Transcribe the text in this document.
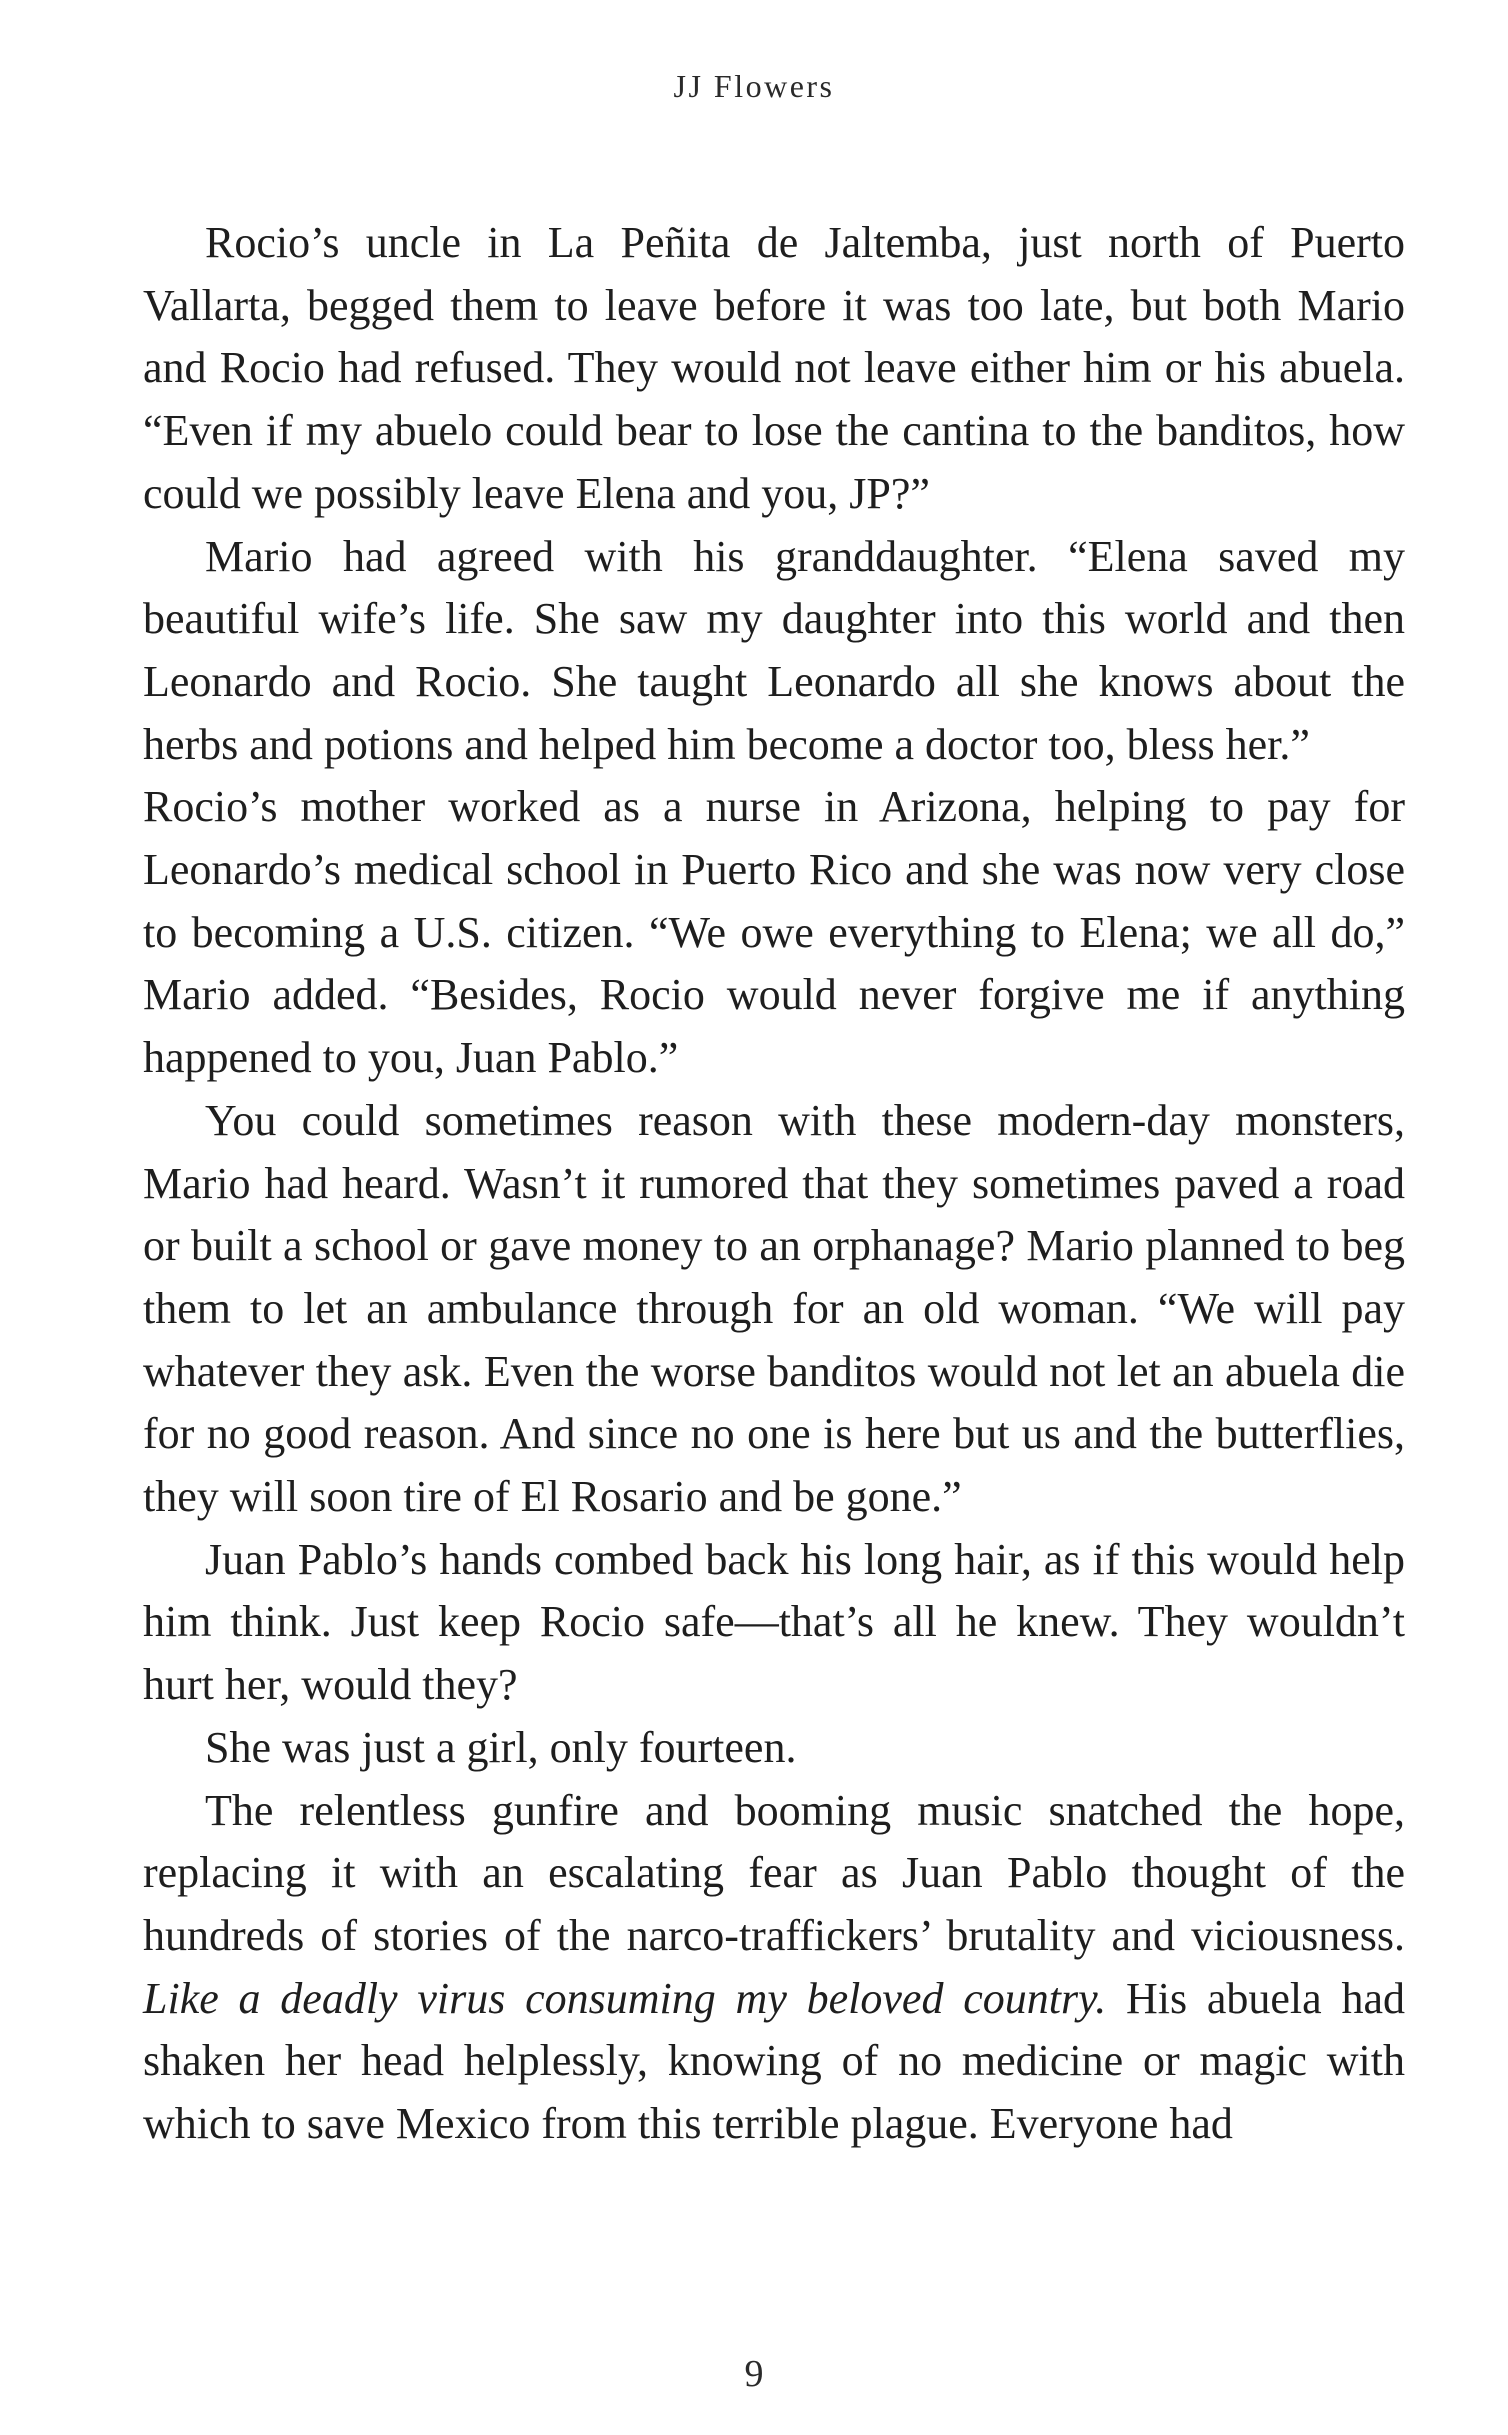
JJ Flowers

Rocio’s uncle in La Peñita de Jaltemba, just north of Puerto Vallarta, begged them to leave before it was too late, but both Mario and Rocio had refused. They would not leave either him or his abuela. “Even if my abuelo could bear to lose the cantina to the banditos, how could we possibly leave Elena and you, JP?”

Mario had agreed with his granddaughter. “Elena saved my beautiful wife’s life. She saw my daughter into this world and then Leonardo and Rocio. She taught Leonardo all she knows about the herbs and potions and helped him become a doctor too, bless her.”

Rocio’s mother worked as a nurse in Arizona, helping to pay for Leonardo’s medical school in Puerto Rico and she was now very close to becoming a U.S. citizen. “We owe everything to Elena; we all do,” Mario added. “Besides, Rocio would never forgive me if anything happened to you, Juan Pablo.”

You could sometimes reason with these modern-day monsters, Mario had heard. Wasn’t it rumored that they sometimes paved a road or built a school or gave money to an orphanage? Mario planned to beg them to let an ambulance through for an old woman. “We will pay whatever they ask. Even the worse banditos would not let an abuela die for no good reason. And since no one is here but us and the butterflies, they will soon tire of El Rosario and be gone.”

Juan Pablo’s hands combed back his long hair, as if this would help him think. Just keep Rocio safe—that’s all he knew. They wouldn’t hurt her, would they?

She was just a girl, only fourteen.

The relentless gunfire and booming music snatched the hope, replacing it with an escalating fear as Juan Pablo thought of the hundreds of stories of the narco-traffickers’ brutality and viciousness. Like a deadly virus consuming my beloved country. His abuela had shaken her head helplessly, knowing of no medicine or magic with which to save Mexico from this terrible plague. Everyone had

9
